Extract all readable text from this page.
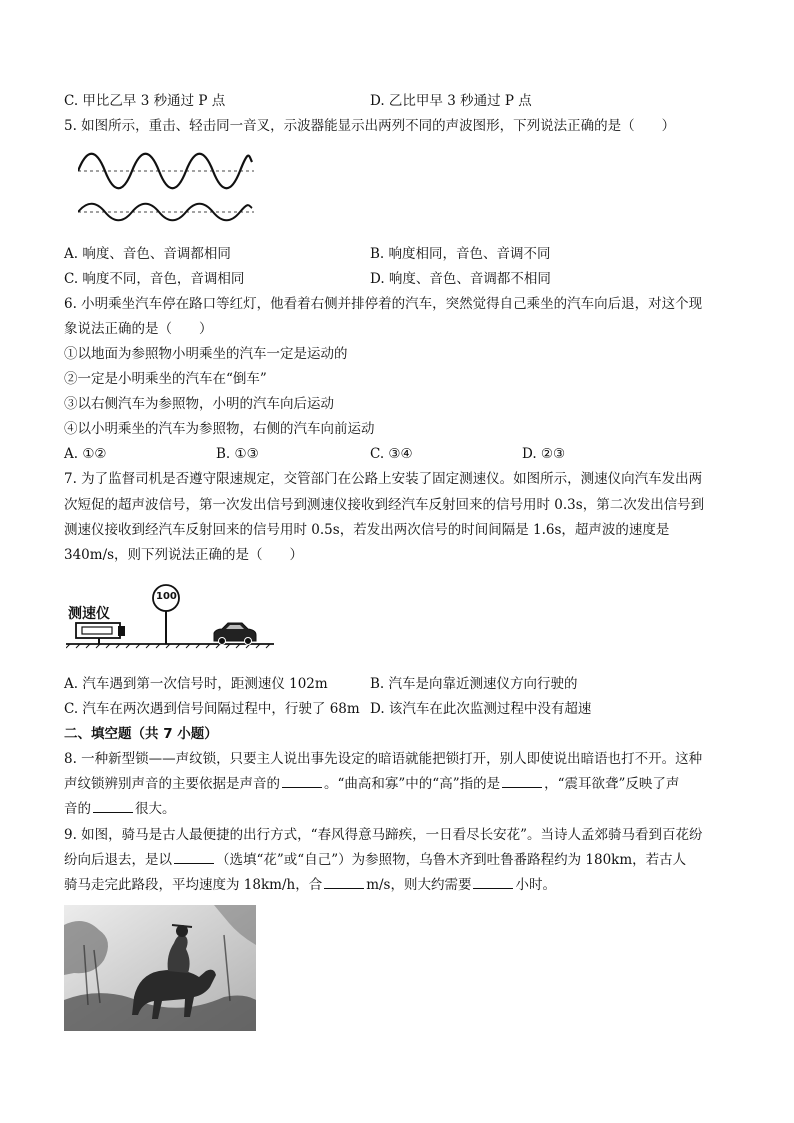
C. 甲比乙早 3 秒通过 P 点	D. 乙比甲早 3 秒通过 P 点
5. 如图所示，重击、轻击同一音叉，示波器能显示出两列不同的声波图形，下列说法正确的是（　　）
A. 响度、音色、音调都相同	B. 响度相同，音色、音调不同
C. 响度不同，音色，音调相同	D. 响度、音色、音调都不相同
6. 小明乘坐汽车停在路口等红灯，他看着右侧并排停着的汽车，突然觉得自己乘坐的汽车向后退，对这个现
象说法正确的是（　　）
①以地面为参照物小明乘坐的汽车一定是运动的
②一定是小明乘坐的汽车在“倒车”
③以右侧汽车为参照物，小明的汽车向后运动
④以小明乘坐的汽车为参照物，右侧的汽车向前运动
A. ①②	B. ①③	C. ③④	D. ②③
7. 为了监督司机是否遵守限速规定，交管部门在公路上安装了固定测速仪。如图所示，测速仪向汽车发出两
次短促的超声波信号，第一次发出信号到测速仪接收到经汽车反射回来的信号用时 0.3s，第二次发出信号到
测速仪接收到经汽车反射回来的信号用时 0.5s，若发出两次信号的时间间隔是 1.6s，超声波的速度是
340m/s，则下列说法正确的是（　　）
测速仪
100
A. 汽车遇到第一次信号时，距测速仪 102m	B. 汽车是向靠近测速仪方向行驶的
C. 汽车在两次遇到信号间隔过程中，行驶了 68m D. 该汽车在此次监测过程中没有超速
二、填空题（共 7 小题）
8. 一种新型锁——声纹锁，只要主人说出事先设定的暗语就能把锁打开，别人即使说出暗语也打不开。这种
声纹锁辨别声音的主要依据是声音的	。“曲高和寡”中的“高”指的是	，“震耳欲聋”反映了声
音的	很大。
9. 如图，骑马是古人最便捷的出行方式，“春风得意马蹄疾，一日看尽长安花”。当诗人孟郊骑马看到百花纷
纷向后退去，是以	（选填“花”或“自己”）为参照物，乌鲁木齐到吐鲁番路程约为 180km，若古人
骑马走完此路段，平均速度为 18km/h，合	m/s，则大约需要	小时。
